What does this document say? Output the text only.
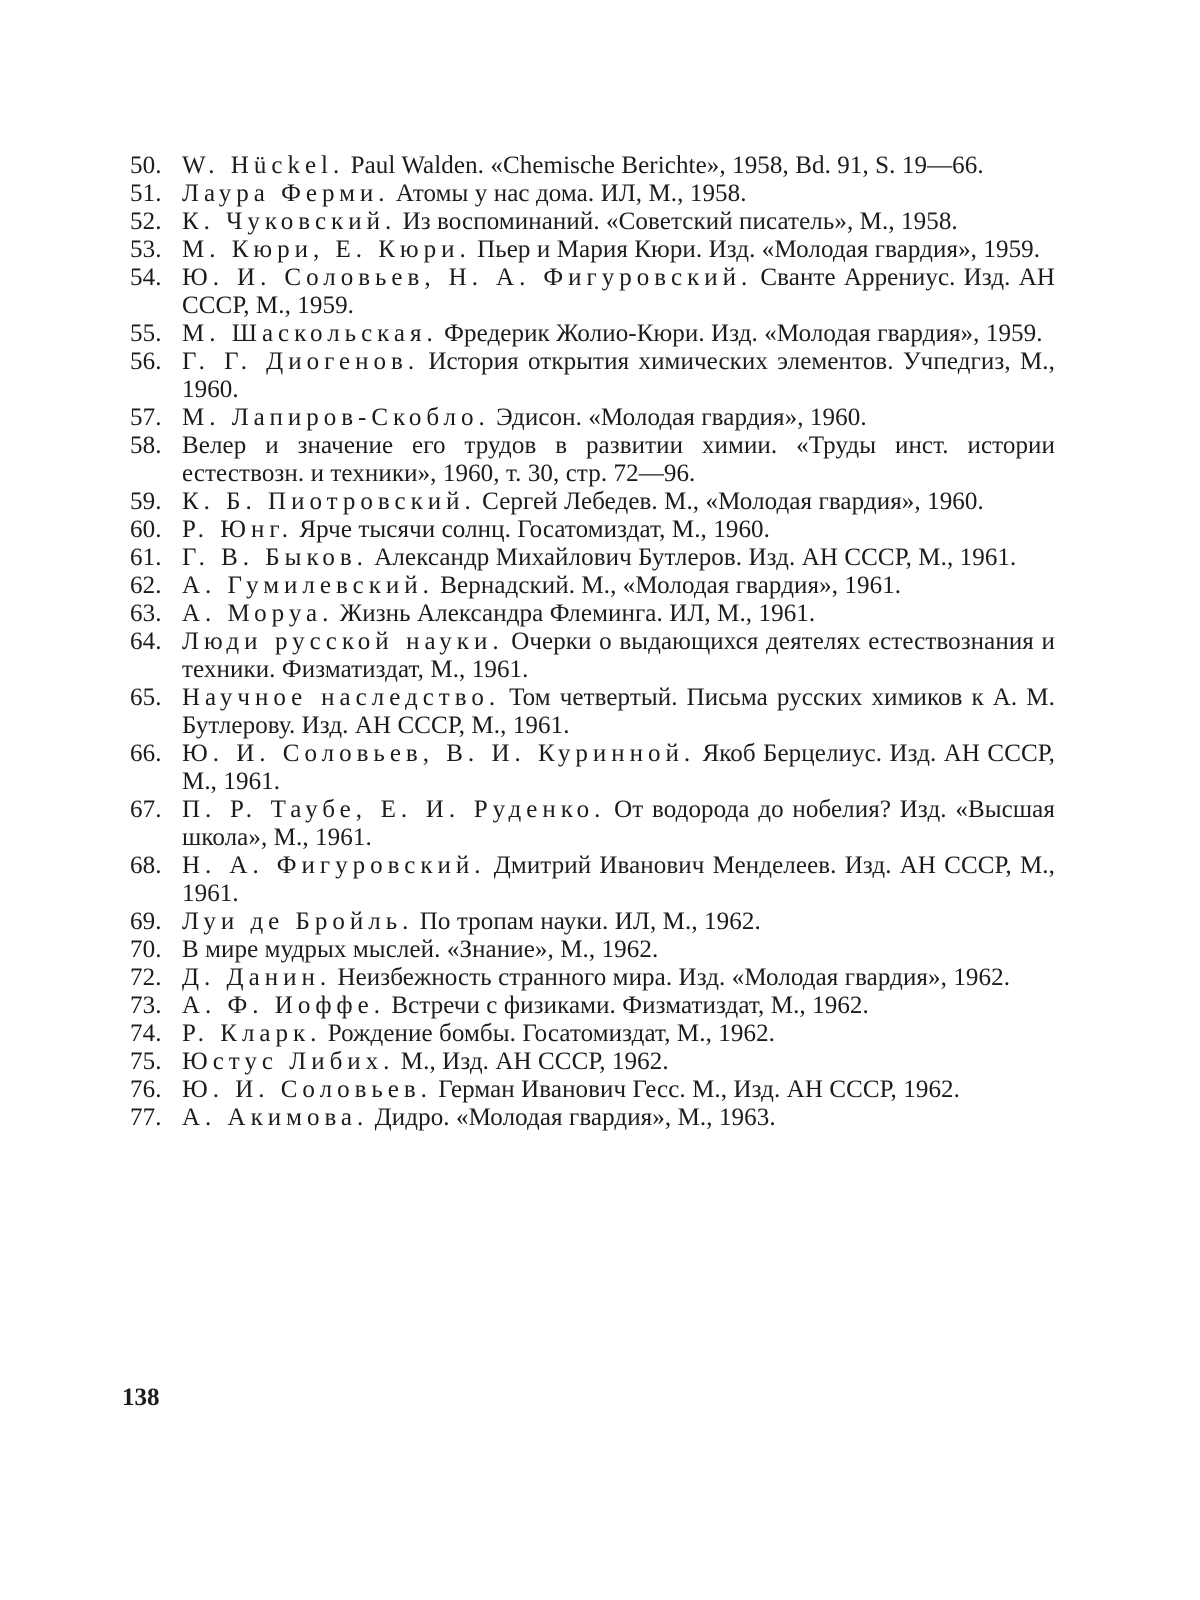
50. W. Hückel. Paul Walden. «Chemische Berichte», 1958, Bd. 91, S. 19—66.
51. Лаура Ферми. Атомы у нас дома. ИЛ, М., 1958.
52. К. Чуковский. Из воспоминаний. «Советский писатель», М., 1958.
53. М. Кюри, Е. Кюри. Пьер и Мария Кюри. Изд. «Молодая гвардия», 1959.
54. Ю. И. Соловьев, Н. А. Фигуровский. Сванте Аррениус. Изд. АН СССР, М., 1959.
55. М. Шаскольская. Фредерик Жолио-Кюри. Изд. «Молодая гвардия», 1959.
56. Г. Г. Диогенов. История открытия химических элементов. Учпедгиз, М., 1960.
57. М. Лапиров-Скобло. Эдисон. «Молодая гвардия», 1960.
58. Велер и значение его трудов в развитии химии. «Труды инст. истории естествозн. и техники», 1960, т. 30, стр. 72—96.
59. К. Б. Пиотровский. Сергей Лебедев. М., «Молодая гвардия», 1960.
60. Р. Юнг. Ярче тысячи солнц. Госатомиздат, М., 1960.
61. Г. В. Быков. Александр Михайлович Бутлеров. Изд. АН СССР, М., 1961.
62. А. Гумилевский. Вернадский. М., «Молодая гвардия», 1961.
63. А. Моруа. Жизнь Александра Флеминга. ИЛ, М., 1961.
64. Люди русской науки. Очерки о выдающихся деятелях естествознания и техники. Физматиздат, М., 1961.
65. Научное наследство. Том четвертый. Письма русских химиков к А. М. Бутлерову. Изд. АН СССР, М., 1961.
66. Ю. И. Соловьев, В. И. Куринной. Якоб Берцелиус. Изд. АН СССР, М., 1961.
67. П. Р. Таубе, Е. И. Руденко. От водорода до нобелия? Изд. «Высшая школа», М., 1961.
68. Н. А. Фигуровский. Дмитрий Иванович Менделеев. Изд. АН СССР, М., 1961.
69. Луи де Бройль. По тропам науки. ИЛ, М., 1962.
70. В мире мудрых мыслей. «Знание», М., 1962.
72. Д. Данин. Неизбежность странного мира. Изд. «Молодая гвардия», 1962.
73. А. Ф. Иоффе. Встречи с физиками. Физматиздат, М., 1962.
74. Р. Кларк. Рождение бомбы. Госатомиздат, М., 1962.
75. Юстус Либих. М., Изд. АН СССР, 1962.
76. Ю. И. Соловьев. Герман Иванович Гесс. М., Изд. АН СССР, 1962.
77. А. Акимова. Дидро. «Молодая гвардия», М., 1963.
138
